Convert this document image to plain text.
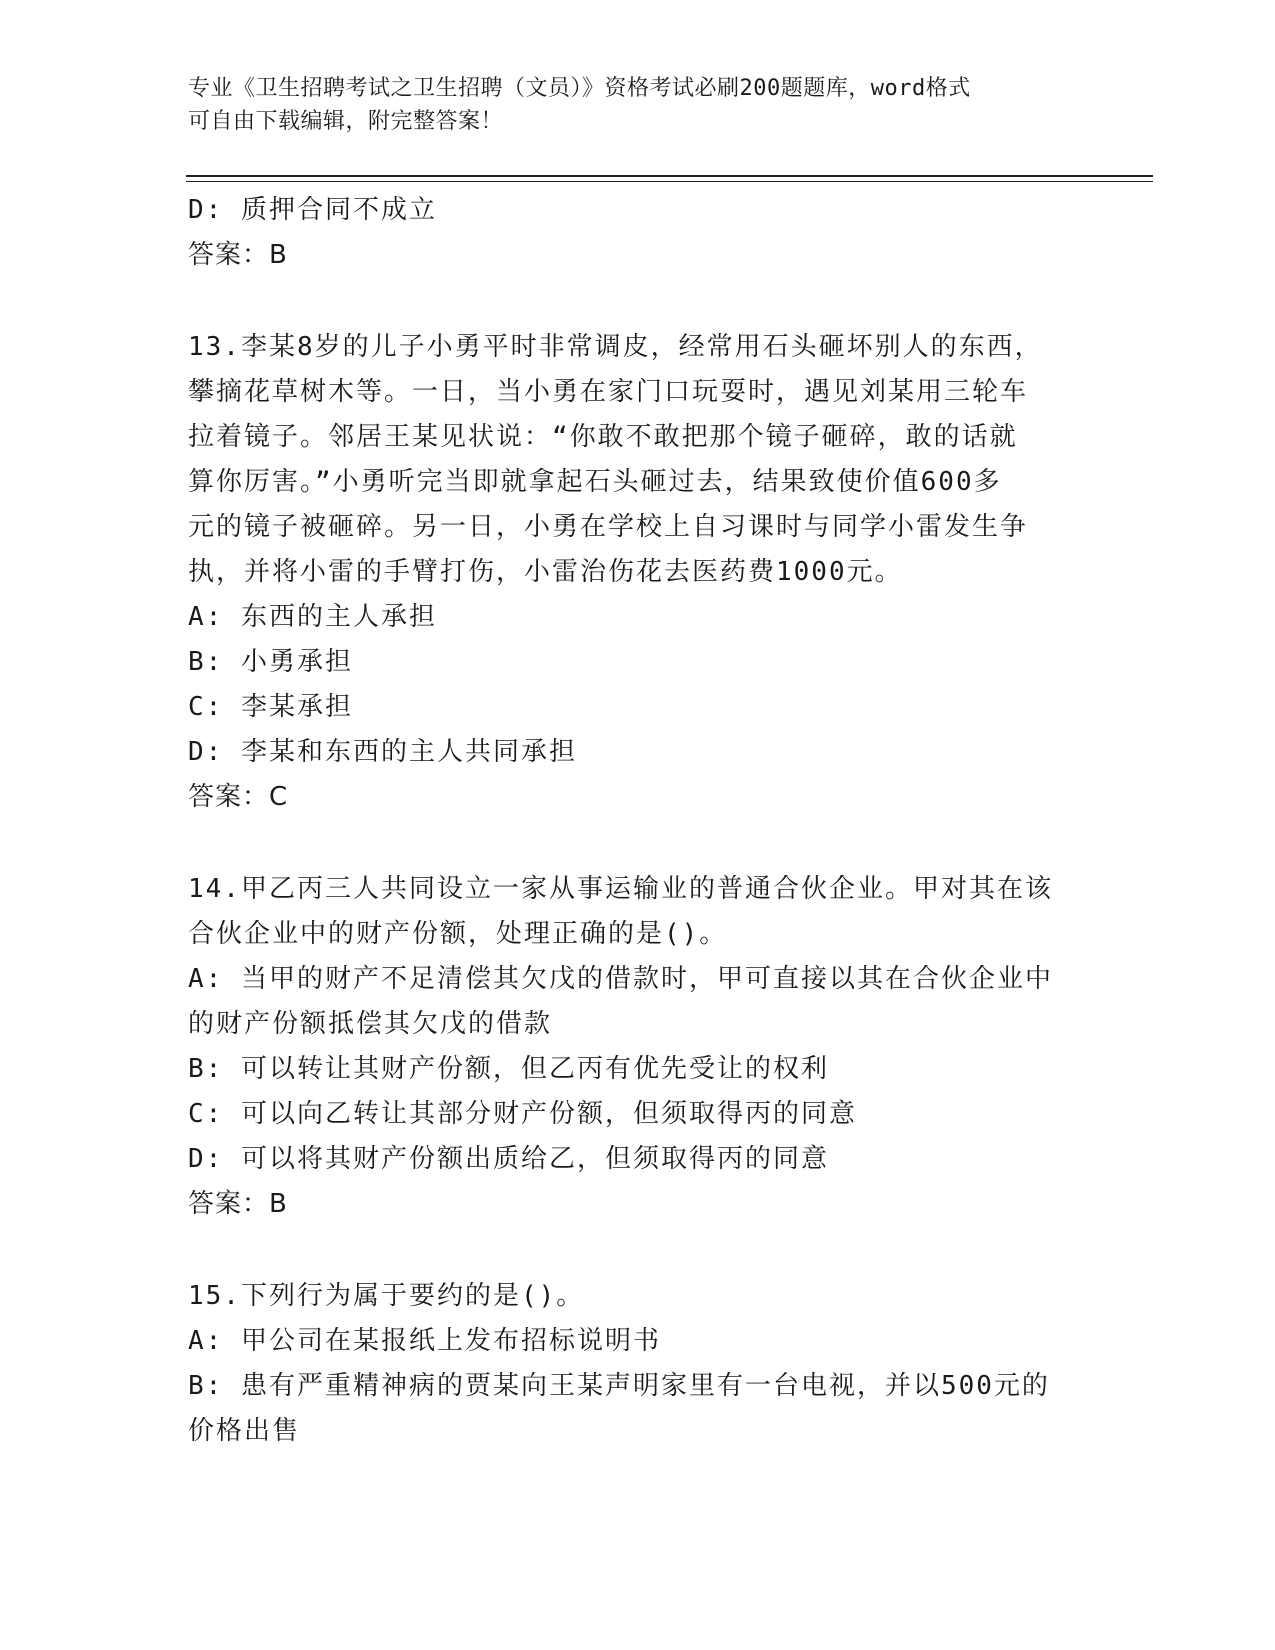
专业《卫生招聘考试之卫生招聘（文员）》资格考试必刷200题题库，word格式
可自由下载编辑，附完整答案！
D: 质押合同不成立
答案：B
13.李某8岁的儿子小勇平时非常调皮，经常用石头砸坏别人的东西，
攀摘花草树木等。一日，当小勇在家门口玩耍时，遇见刘某用三轮车
拉着镜子。邻居王某见状说：“你敢不敢把那个镜子砸碎，敢的话就
算你厉害。”小勇听完当即就拿起石头砸过去，结果致使价值600多
元的镜子被砸碎。另一日，小勇在学校上自习课时与同学小雷发生争
执，并将小雷的手臂打伤，小雷治伤花去医药费1000元。
A: 东西的主人承担
B: 小勇承担
C: 李某承担
D: 李某和东西的主人共同承担
答案：C
14.甲乙丙三人共同设立一家从事运输业的普通合伙企业。甲对其在该
合伙企业中的财产份额，处理正确的是()。
A: 当甲的财产不足清偿其欠戊的借款时，甲可直接以其在合伙企业中
的财产份额抵偿其欠戊的借款
B: 可以转让其财产份额，但乙丙有优先受让的权利
C: 可以向乙转让其部分财产份额，但须取得丙的同意
D: 可以将其财产份额出质给乙，但须取得丙的同意
答案：B
15.下列行为属于要约的是()。
A: 甲公司在某报纸上发布招标说明书
B: 患有严重精神病的贾某向王某声明家里有一台电视，并以500元的
价格出售
